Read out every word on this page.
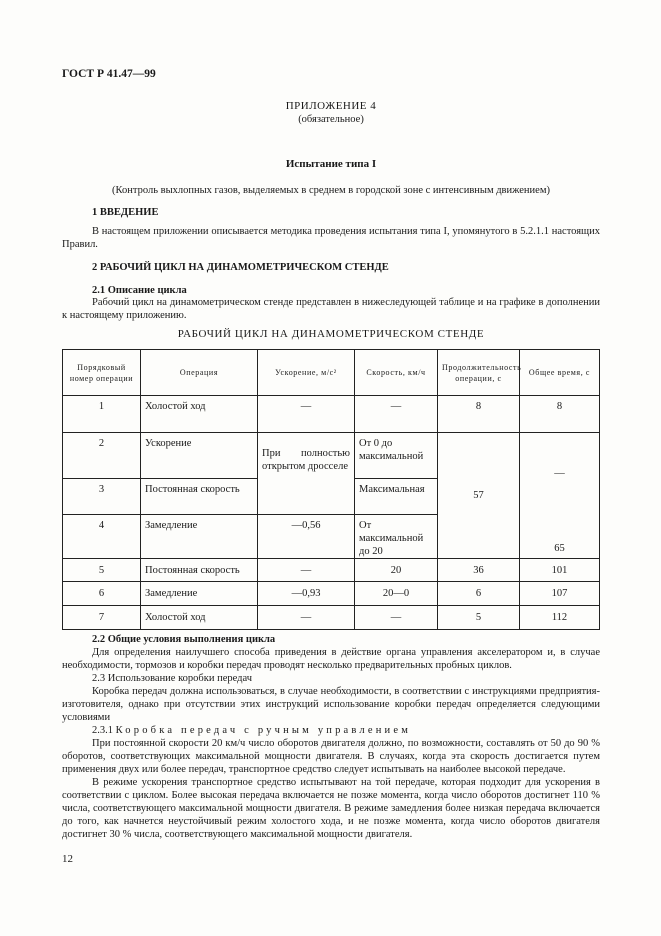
ГОСТ Р 41.47—99
ПРИЛОЖЕНИЕ 4
(обязательное)
Испытание типа I
(Контроль выхлопных газов, выделяемых в среднем в городской зоне с интенсивным движением)
1 ВВЕДЕНИЕ

В настоящем приложении описывается методика проведения испытания типа I, упомянутого в 5.2.1.1 настоящих Правил.

2 РАБОЧИЙ ЦИКЛ НА ДИНАМОМЕТРИЧЕСКОМ СТЕНДЕ
2.1 Описание цикла

Рабочий цикл на динамометрическом стенде представлен в нижеследующей таблице и на графике в дополнении к настоящему приложению.

РАБОЧИЙ ЦИКЛ НА ДИНАМОМЕТРИЧЕСКОМ СТЕНДЕ
Порядковый номер операции	Операция	Ускорение, м/с²	Скорость, км/ч	Продолжительность операции, с	Общее время, с
1	Холостой ход	—	—	8	8
2	Ускорение	При полностью открытом дросселе	От 0 до максимальной	57	—
3	Постоянная скорость		Максимальная		
4	Замедление	—0,56	От максимальной до 20		65
5	Постоянная скорость	—	20	36	101
6	Замедление	—0,93	20—0	6	107
7	Холостой ход	—	—	5	112

2.2 Общие условия выполнения цикла

Для определения наилучшего способа приведения в действие органа управления акселератором и, в случае необходимости, тормозов и коробки передач проводят несколько предварительных пробных циклов.

2.3 Использование коробки передач

Коробка передач должна использоваться, в случае необходимости, в соответствии с инструкциями предприятия-изготовителя, однако при отсутствии этих инструкций использование коробки передач определяется следующими условиями

2.3.1 Коробка передач с ручным управлением

При постоянной скорости 20 км/ч число оборотов двигателя должно, по возможности, составлять от 50 до 90 % оборотов, соответствующих максимальной мощности двигателя. В случаях, когда эта скорость достигается путем применения двух или более передач, транспортное средство следует испытывать на наиболее высокой передаче.

В режиме ускорения транспортное средство испытывают на той передаче, которая подходит для ускорения в соответствии с циклом. Более высокая передача включается не позже момента, когда число оборотов достигнет 110 % числа, соответствующего максимальной мощности двигателя. В режиме замедления более низкая передача включается до того, как начнется неустойчивый режим холостого хода, и не позже момента, когда число оборотов двигателя достигнет 30 % числа, соответствующего максимальной мощности двигателя.

12
